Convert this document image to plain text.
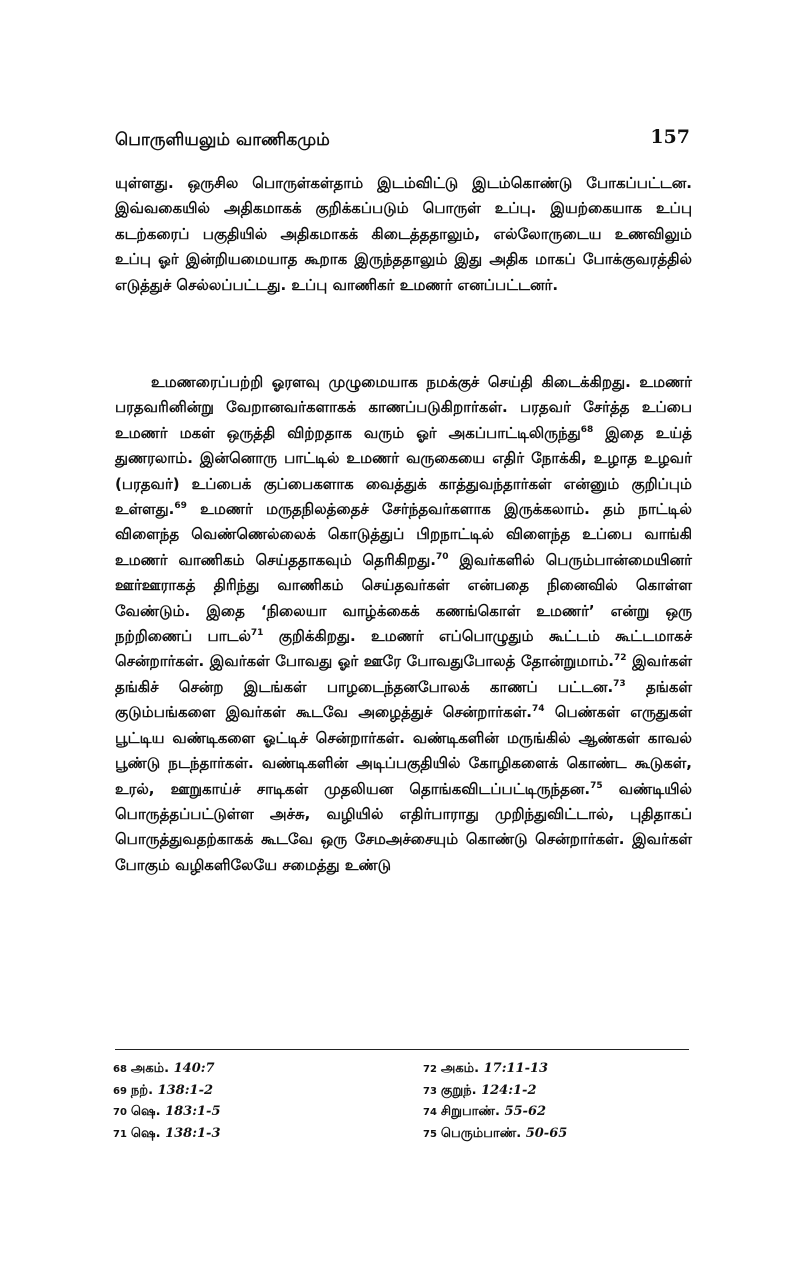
பொருளியலும் வாணிகமும்	157

யுள்ளது. ஒருசில பொருள்கள்தாம் இடம்விட்டு இடம்கொண்டு போகப்பட்டன. இவ்வகையில் அதிகமாகக் குறிக்கப்படும் பொருள் உப்பு. இயற்கையாக உப்பு கடற்கரைப் பகுதியில் அதிகமாகக் கிடைத்ததாலும், எல்லோருடைய உணவிலும் உப்பு ஓர் இன்றியமையாத கூறாக இருந்ததாலும் இது அதிக மாகப் போக்குவரத்தில் எடுத்துச் செல்லப்பட்டது. உப்பு வாணிகர் உமணர் எனப்பட்டனர்.

உமணரைப்பற்றி ஓரளவு முழுமையாக நமக்குச் செய்தி கிடைக்கிறது. உமணர் பரதவரினின்று வேறானவர்களாகக் காணப்படுகிறார்கள். பரதவர் சேர்த்த உப்பை உமணர் மகள் ஒருத்தி விற்றதாக வரும் ஓர் அகப்பாட்டிலிருந்து$^{68}$ இதை உய்த் துணரலாம். இன்னொரு பாட்டில் உமணர் வருகையை எதிர் நோக்கி, உழாத உழவர் (பரதவர்) உப்பைக் குப்பைகளாக வைத்துக் காத்துவந்தார்கள் என்னும் குறிப்பும் உள்ளது.$^{69}$ உமணர் மருதநிலத்தைச் சேர்ந்தவர்களாக இருக்கலாம். தம் நாட்டில் விளைந்த வெண்ணெல்லைக் கொடுத்துப் பிறநாட்டில் விளைந்த உப்பை வாங்கி உமணர் வாணிகம் செய்ததாகவும் தெரிகிறது.$^{70}$ இவர்களில் பெரும்பான்மையினர் ஊர்ஊராகத் திரிந்து வாணிகம் செய்தவர்கள் என்பதை நினைவில் கொள்ள வேண்டும். இதை ‘நிலையா வாழ்க்கைக் கணங்கொள் உமணர்’ என்று ஒரு நற்றிணைப் பாடல்$^{71}$ குறிக்கிறது. உமணர் எப்பொழுதும் கூட்டம் கூட்டமாகச் சென்றார்கள். இவர்கள் போவது ஓர் ஊரே போவதுபோலத் தோன்றுமாம்.$^{72}$ இவர்கள் தங்கிச் சென்ற இடங்கள் பாழடைந்தனபோலக் காணப் பட்டன.$^{73}$ தங்கள் குடும்பங்களை இவர்கள் கூடவே அழைத்துச் சென்றார்கள்.$^{74}$ பெண்கள் எருதுகள் பூட்டிய வண்டிகளை ஓட்டிச் சென்றார்கள். வண்டிகளின் மருங்கில் ஆண்கள் காவல் பூண்டு நடந்தார்கள். வண்டிகளின் அடிப்பகுதியில் கோழிகளைக் கொண்ட கூடுகள், உரல், ஊறுகாய்ச் சாடிகள் முதலியன தொங்கவிடப்பட்டிருந்தன.$^{75}$ வண்டியில் பொருத்தப்பட்டுள்ள அச்சு, வழியில் எதிர்பாராது முறிந்துவிட்டால், புதிதாகப் பொருத்துவதற்காகக் கூடவே ஒரு சேமஅச்சையும் கொண்டு சென்றார்கள். இவர்கள் போகும் வழிகளிலேயே சமைத்து உண்டு

68 அகம். 140:7
69 நற். 138:1-2
70 ஷெ. 183:1-5
71 ஷெ. 138:1-3
72 அகம். 17:11-13
73 குறுந். 124:1-2
74 சிறுபாண். 55-62
75 பெரும்பாண். 50-65
